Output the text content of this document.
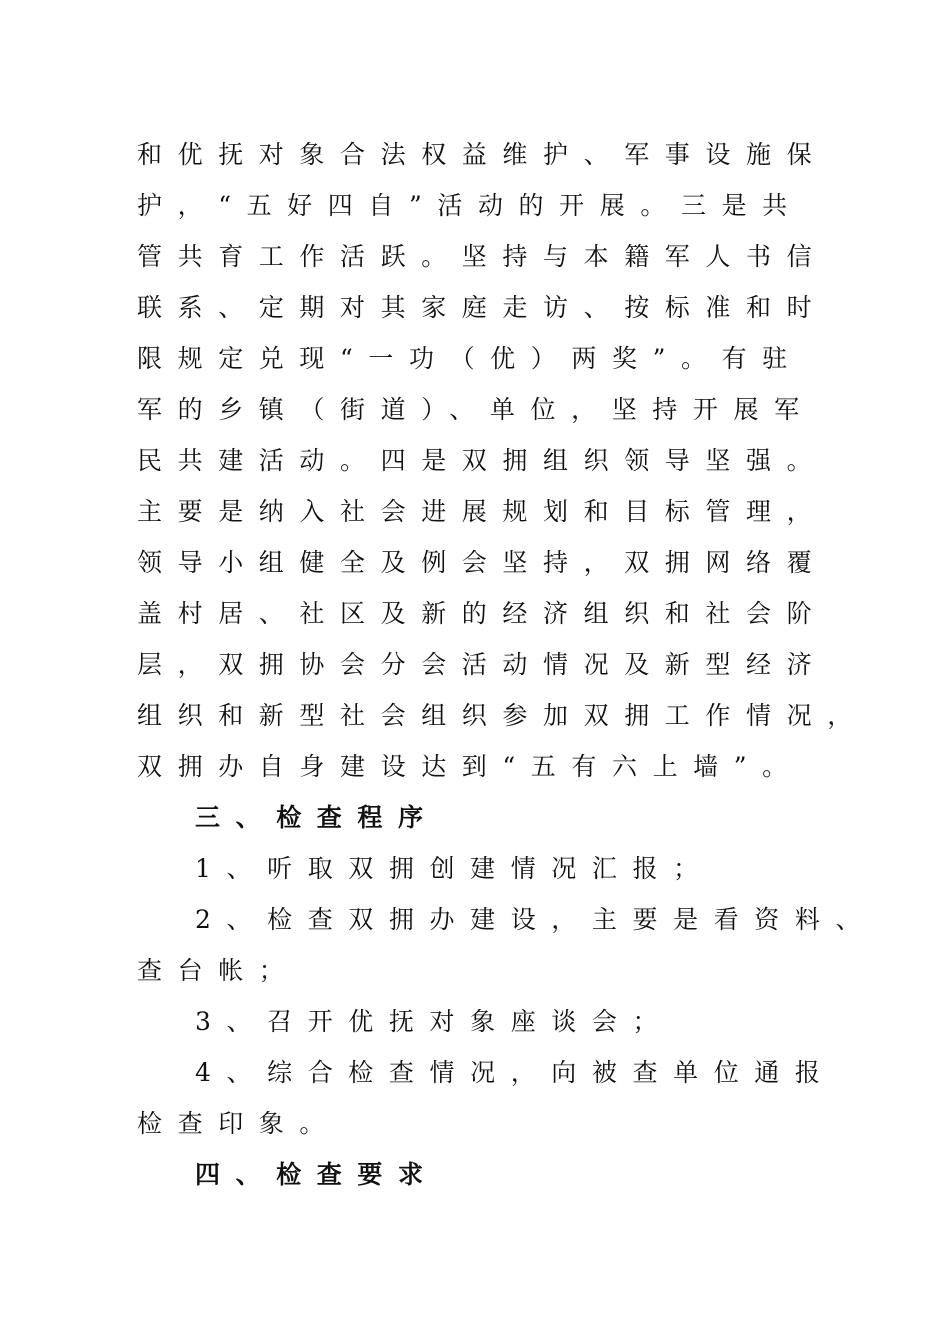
和优抚对象合法权益维护、军事设施保
护，“五好四自”活动的开展。三是共
管共育工作活跃。坚持与本籍军人书信
联系、定期对其家庭走访、按标准和时
限规定兑现“一功（优）两奖”。有驻
军的乡镇（街道）、单位，坚持开展军
民共建活动。四是双拥组织领导坚强。
主要是纳入社会进展规划和目标管理，
领导小组健全及例会坚持，双拥网络覆
盖村居、社区及新的经济组织和社会阶
层，双拥协会分会活动情况及新型经济
组织和新型社会组织参加双拥工作情况，
双拥办自身建设达到“五有六上墙”。
三、检查程序
1、听取双拥创建情况汇报；
2、检查双拥办建设，主要是看资料、
查台帐；
3、召开优抚对象座谈会；
4、综合检查情况，向被查单位通报
检查印象。
四、检查要求
